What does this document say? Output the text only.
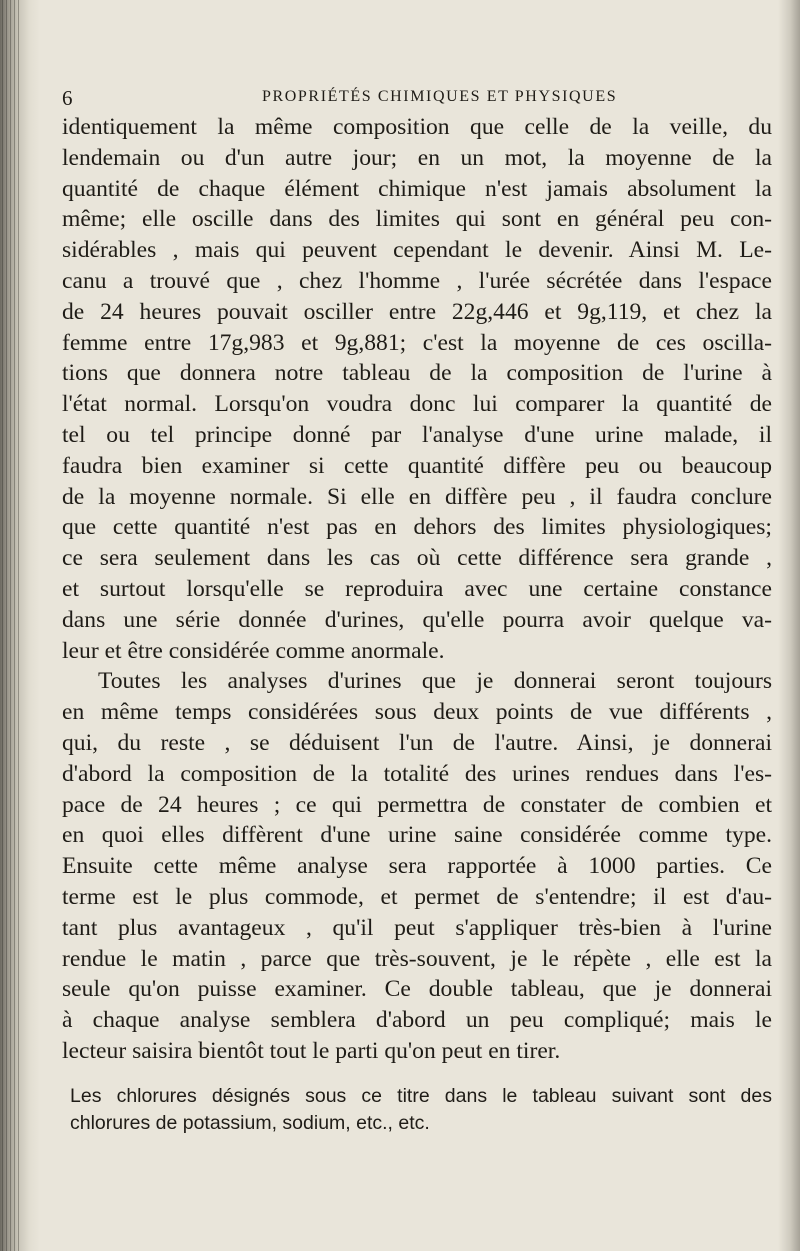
6	PROPRIÉTÉS CHIMIQUES ET PHYSIQUES
identiquement la même composition que celle de la veille, du
lendemain ou d'un autre jour; en un mot, la moyenne de la
quantité de chaque élément chimique n'est jamais absolument la
même; elle oscille dans des limites qui sont en général peu con-
sidérables , mais qui peuvent cependant le devenir. Ainsi M. Le-
canu a trouvé que , chez l'homme , l'urée sécrétée dans l'espace
de 24 heures pouvait osciller entre 22g,446 et 9g,119, et chez la
femme entre 17g,983 et 9g,881; c'est la moyenne de ces oscilla-
tions que donnera notre tableau de la composition de l'urine à
l'état normal. Lorsqu'on voudra donc lui comparer la quantité de
tel ou tel principe donné par l'analyse d'une urine malade, il
faudra bien examiner si cette quantité diffère peu ou beaucoup
de la moyenne normale. Si elle en diffère peu , il faudra conclure
que cette quantité n'est pas en dehors des limites physiologiques;
ce sera seulement dans les cas où cette différence sera grande ,
et surtout lorsqu'elle se reproduira avec une certaine constance
dans une série donnée d'urines, qu'elle pourra avoir quelque va-
leur et être considérée comme anormale.
Toutes les analyses d'urines que je donnerai seront toujours
en même temps considérées sous deux points de vue différents ,
qui, du reste , se déduisent l'un de l'autre. Ainsi, je donnerai
d'abord la composition de la totalité des urines rendues dans l'es-
pace de 24 heures ; ce qui permettra de constater de combien et
en quoi elles diffèrent d'une urine saine considérée comme type.
Ensuite cette même analyse sera rapportée à 1000 parties. Ce
terme est le plus commode, et permet de s'entendre; il est d'au-
tant plus avantageux , qu'il peut s'appliquer très-bien à l'urine
rendue le matin , parce que très-souvent, je le répète , elle est la
seule qu'on puisse examiner. Ce double tableau, que je donnerai
à chaque analyse semblera d'abord un peu compliqué; mais le
lecteur saisira bientôt tout le parti qu'on peut en tirer.
Les chlorures désignés sous ce titre dans le tableau suivant sont des
chlorures de potassium, sodium, etc., etc.
